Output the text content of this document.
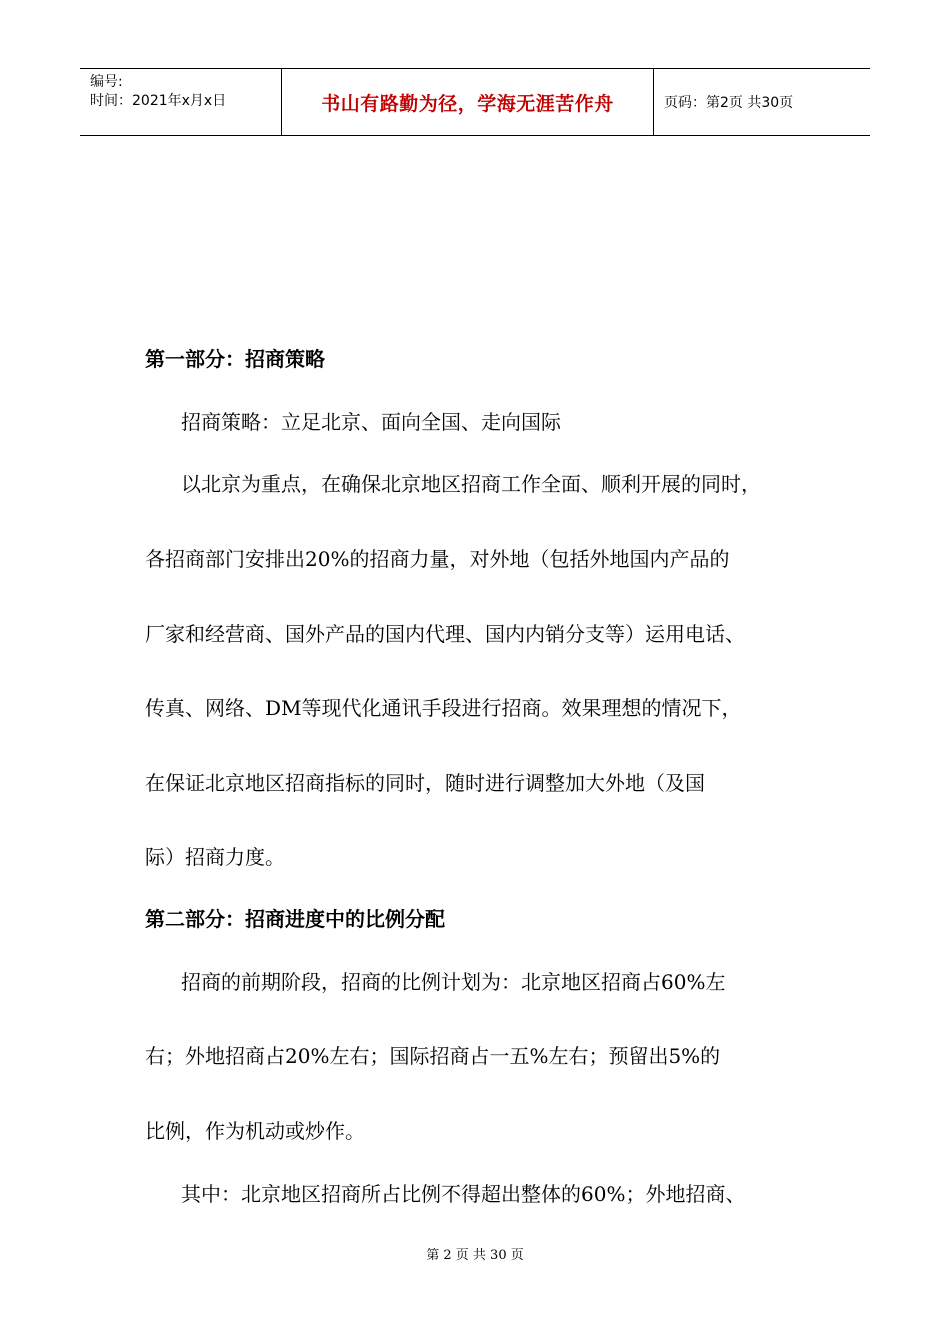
编号:
时间：2021年x月x日	书山有路勤为径，学海无涯苦作舟	页码：第2页 共30页
第一部分：招商策略
招商策略：立足北京、面向全国、走向国际
以北京为重点，在确保北京地区招商工作全面、顺利开展的同时，
各招商部门安排出20%的招商力量，对外地（包括外地国内产品的
厂家和经营商、国外产品的国内代理、国内内销分支等）运用电话、
传真、网络、DM等现代化通讯手段进行招商。效果理想的情况下，
在保证北京地区招商指标的同时，随时进行调整加大外地（及国
际）招商力度。
第二部分：招商进度中的比例分配
招商的前期阶段，招商的比例计划为：北京地区招商占60%左
右；外地招商占20%左右；国际招商占一五%左右；预留出5%的
比例，作为机动或炒作。
其中：北京地区招商所占比例不得超出整体的60%；外地招商、
第 2 页 共 30 页
